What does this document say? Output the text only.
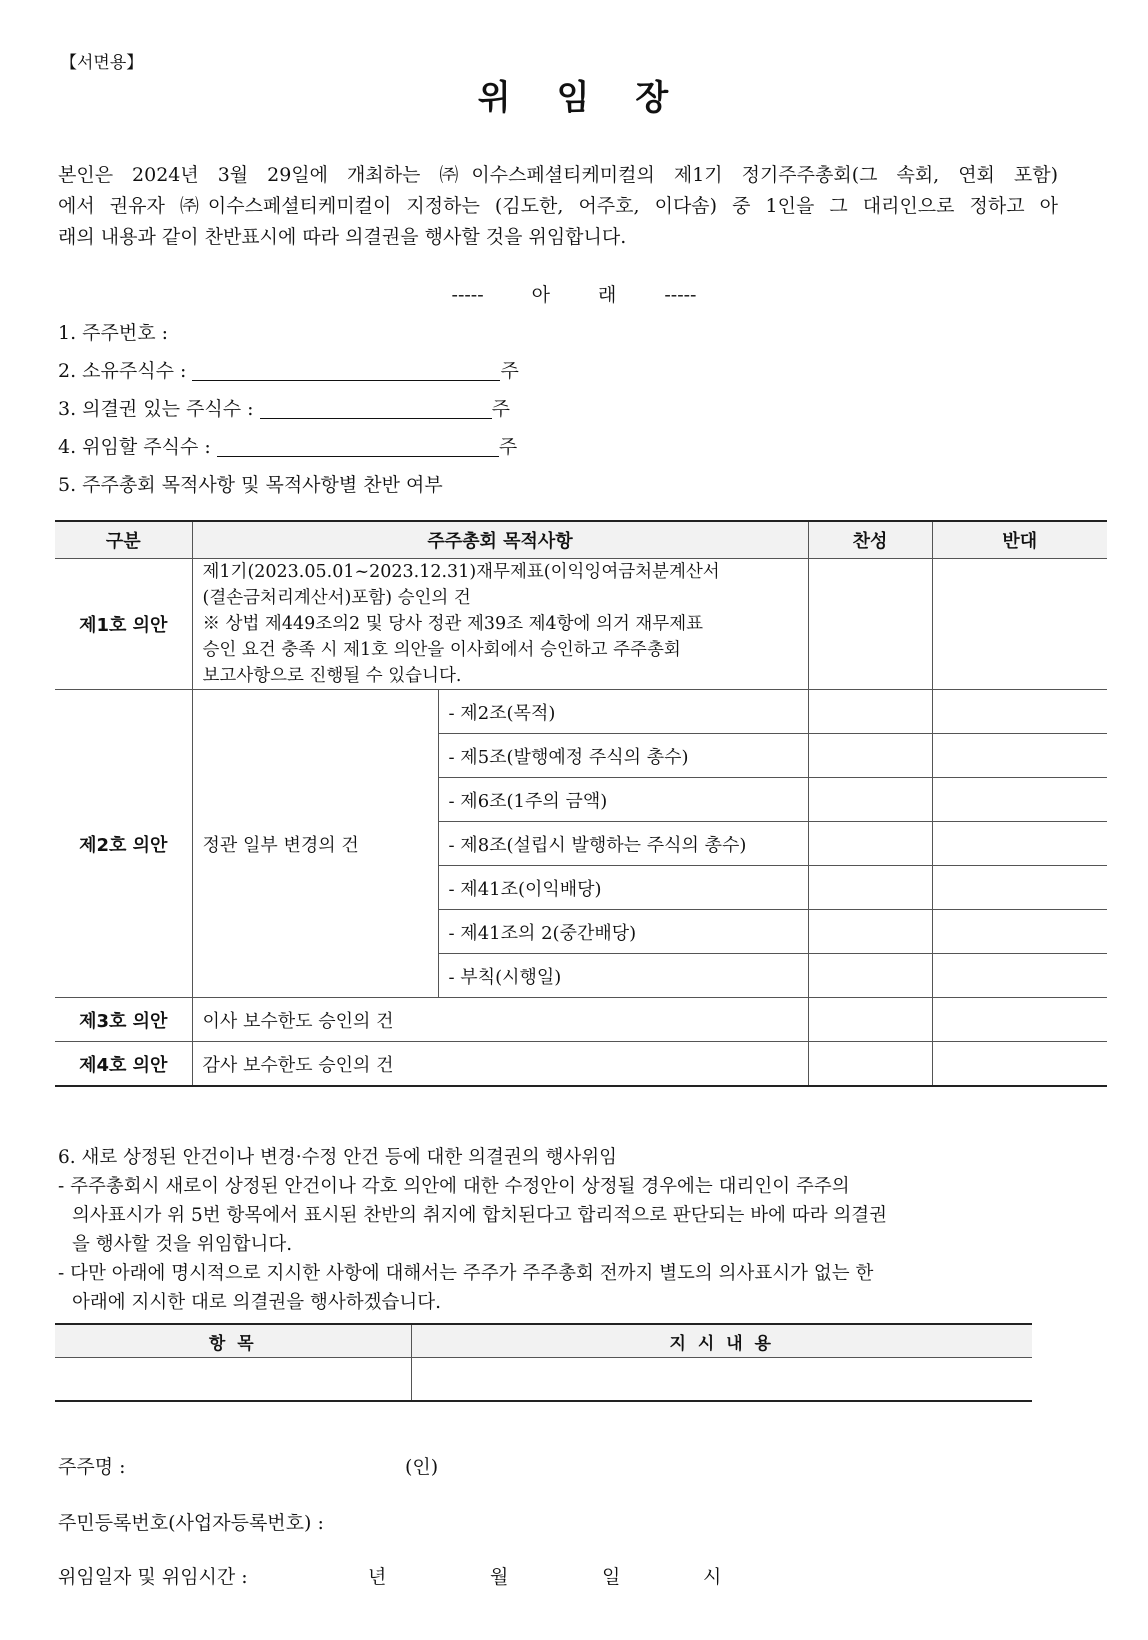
【서면용】
위 임 장
본인은 2024년 3월 29일에 개최하는 ㈜이수스페셜티케미컬의 제1기 정기주주총회(그 속회, 연회 포함)
에서 권유자 ㈜이수스페셜티케미컬이 지정하는 (김도한, 어주호, 이다솜) 중 1인을 그 대리인으로 정하고 아
래의 내용과 같이 찬반표시에 따라 의결권을 행사할 것을 위임합니다.
-----	아	래	-----
1. 주주번호 :
2. 소유주식수 :	주
3. 의결권 있는 주식수 :	주
4. 위임할 주식수 :	주
5. 주주총회 목적사항 및 목적사항별 찬반 여부
구분	주주총회 목적사항		찬성	반대
제1호 의안	제1기(2023.05.01~2023.12.31)재무제표(이익잉여금처분계산서
(결손금처리계산서)포함) 승인의 건
※ 상법 제449조의2 및 당사 정관 제39조 제4항에 의거 재무제표
승인 요건 충족 시 제1호 의안을 이사회에서 승인하고 주주총회
보고사항으로 진행될 수 있습니다.			

제2호 의안	정관 일부 변경의 건	- 제2조(목적)		
		- 제5조(발행예정 주식의 총수)		
		- 제6조(1주의 금액)		
		- 제8조(설립시 발행하는 주식의 총수)		
		- 제41조(이익배당)		
		- 제41조의 2(중간배당)		
		- 부칙(시행일)		
제3호 의안	이사 보수한도 승인의 건			
제4호 의안	감사 보수한도 승인의 건			
6. 새로 상정된 안건이나 변경·수정 안건 등에 대한 의결권의 행사위임
- 주주총회시 새로이 상정된 안건이나 각호 의안에 대한 수정안이 상정될 경우에는 대리인이 주주의
의사표시가 위 5번 항목에서 표시된 찬반의 취지에 합치된다고 합리적으로 판단되는 바에 따라 의결권
을 행사할 것을 위임합니다.
- 다만 아래에 명시적으로 지시한 사항에 대해서는 주주가 주주총회 전까지 별도의 의사표시가 없는 한
아래에 지시한 대로 의결권을 행사하겠습니다.
항 목	지 시 내 용

주주명 :	(인)
주민등록번호(사업자등록번호) :
위임일자 및 위임시간 :	년	월	일	시
